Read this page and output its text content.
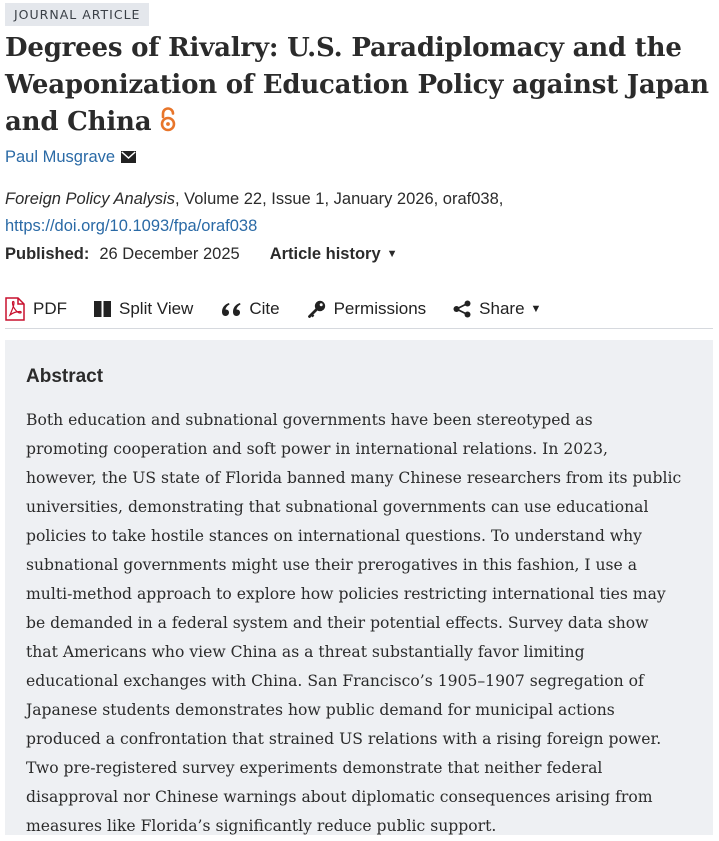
JOURNAL ARTICLE
Degrees of Rivalry: U.S. Paradiplomacy and the Weaponization of Education Policy against Japan and China
Paul Musgrave
Foreign Policy Analysis, Volume 22, Issue 1, January 2026, oraf038,
https://doi.org/10.1093/fpa/oraf038
Published: 26 December 2025 Article history ▼
PDF	Split View	Cite	Permissions	Share ▼
Abstract

Both education and subnational governments have been stereotyped as
promoting cooperation and soft power in international relations. In 2023,
however, the US state of Florida banned many Chinese researchers from its public
universities, demonstrating that subnational governments can use educational
policies to take hostile stances on international questions. To understand why
subnational governments might use their prerogatives in this fashion, I use a
multi-method approach to explore how policies restricting international ties may
be demanded in a federal system and their potential effects. Survey data show
that Americans who view China as a threat substantially favor limiting
educational exchanges with China. San Francisco’s 1905–1907 segregation of
Japanese students demonstrates how public demand for municipal actions
produced a confrontation that strained US relations with a rising foreign power.
Two pre-registered survey experiments demonstrate that neither federal
disapproval nor Chinese warnings about diplomatic consequences arising from
measures like Florida’s significantly reduce public support.
